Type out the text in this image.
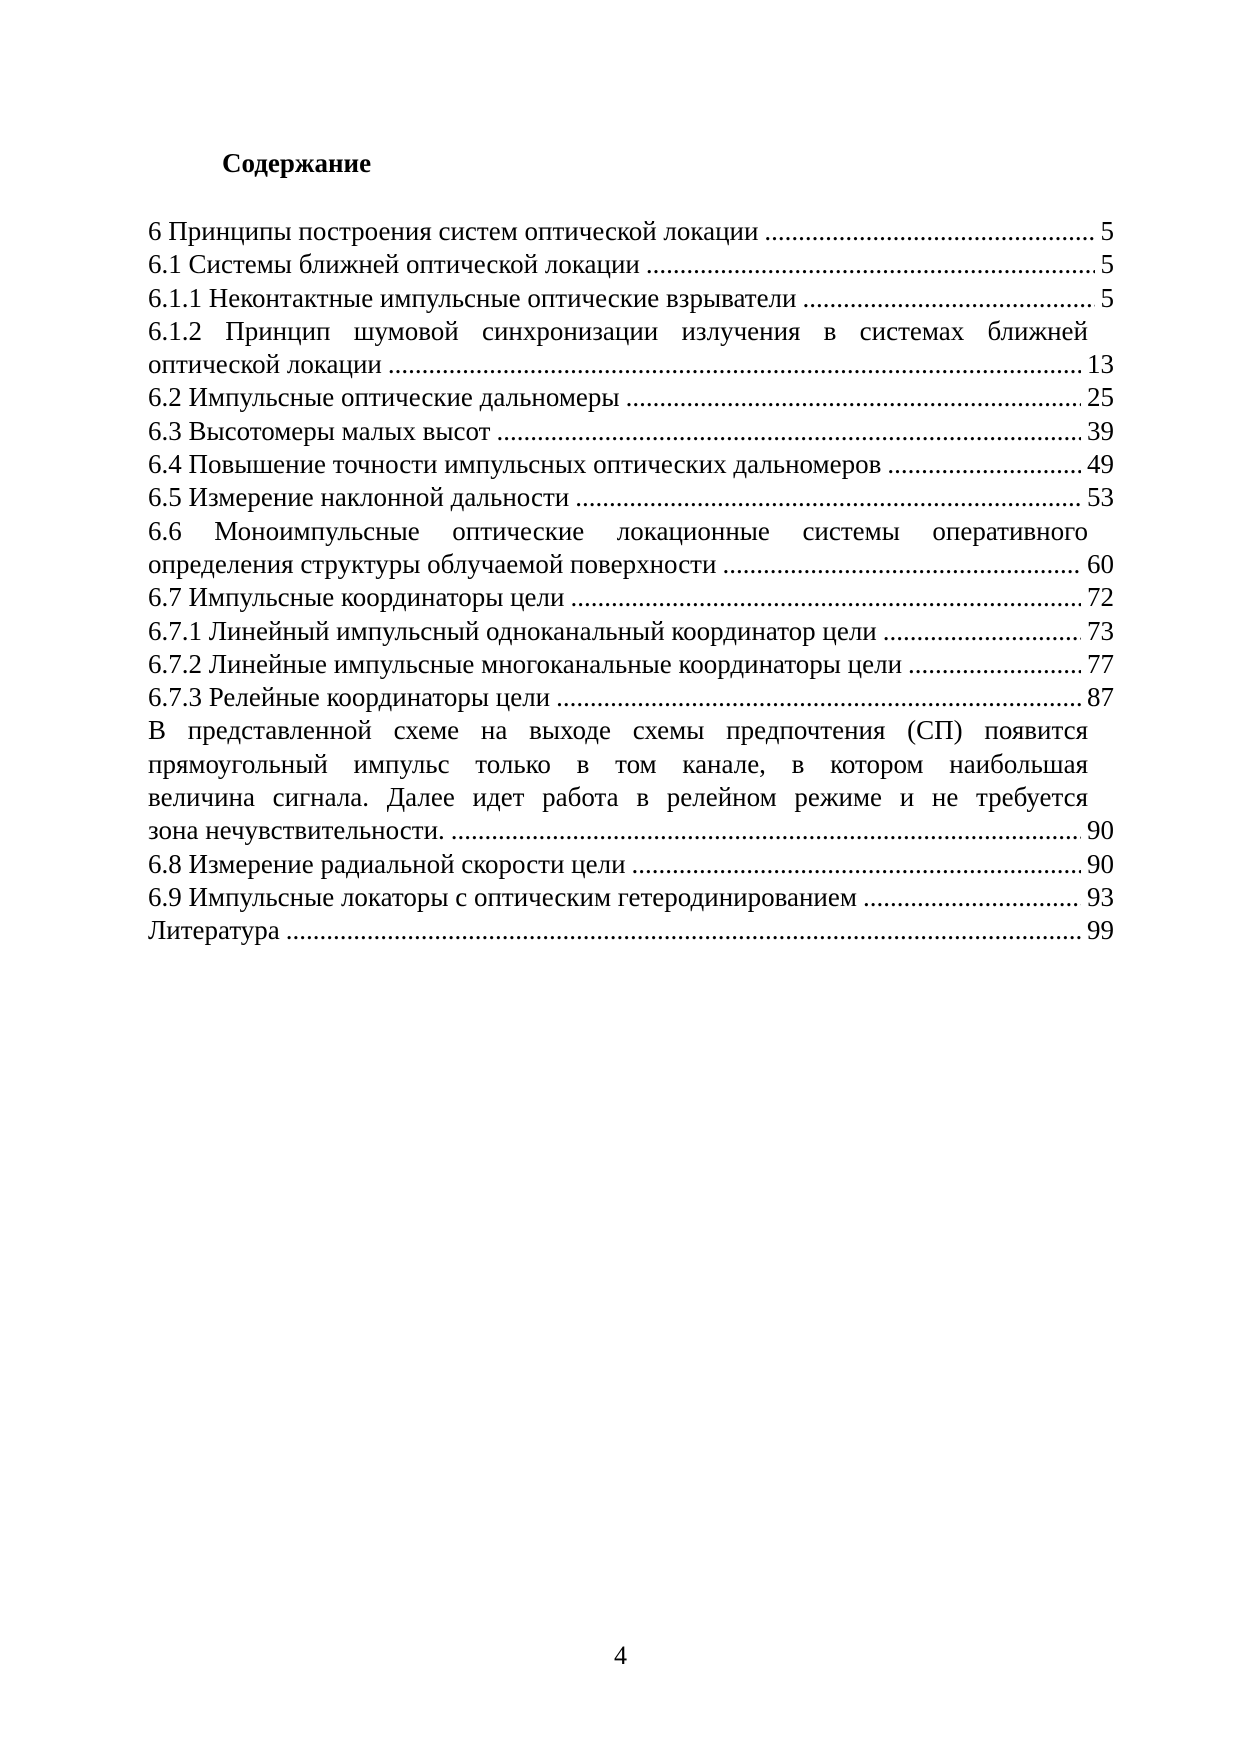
Содержание
6 Принципы построения систем оптической локации .....	5
6.1 Системы ближней оптической локации .....	5
6.1.1 Неконтактные импульсные оптические взрыватели .....	5
6.1.2 Принцип шумовой синхронизации излучения в системах ближней
оптической локации .....	13
6.2 Импульсные оптические дальномеры .....	25
6.3 Высотомеры малых высот .....	39
6.4 Повышение точности импульсных оптических дальномеров .....	49
6.5 Измерение наклонной дальности .....	53
6.6 Моноимпульсные оптические локационные системы оперативного
определения структуры облучаемой поверхности .....	60
6.7 Импульсные координаторы цели .....	72
6.7.1 Линейный импульсный одноканальный координатор цели .....	73
6.7.2 Линейные импульсные многоканальные координаторы цели .....	77
6.7.3 Релейные координаторы цели .....	87
В представленной схеме на выходе схемы предпочтения (СП) появится
прямоугольный импульс только в том канале, в котором наибольшая
величина сигнала. Далее идет работа в релейном режиме и не требуется
зона нечувствительности. .....	90
6.8 Измерение радиальной скорости цели .....	90
6.9 Импульсные локаторы с оптическим гетеродинированием .....	93
Литература .....	99
4
